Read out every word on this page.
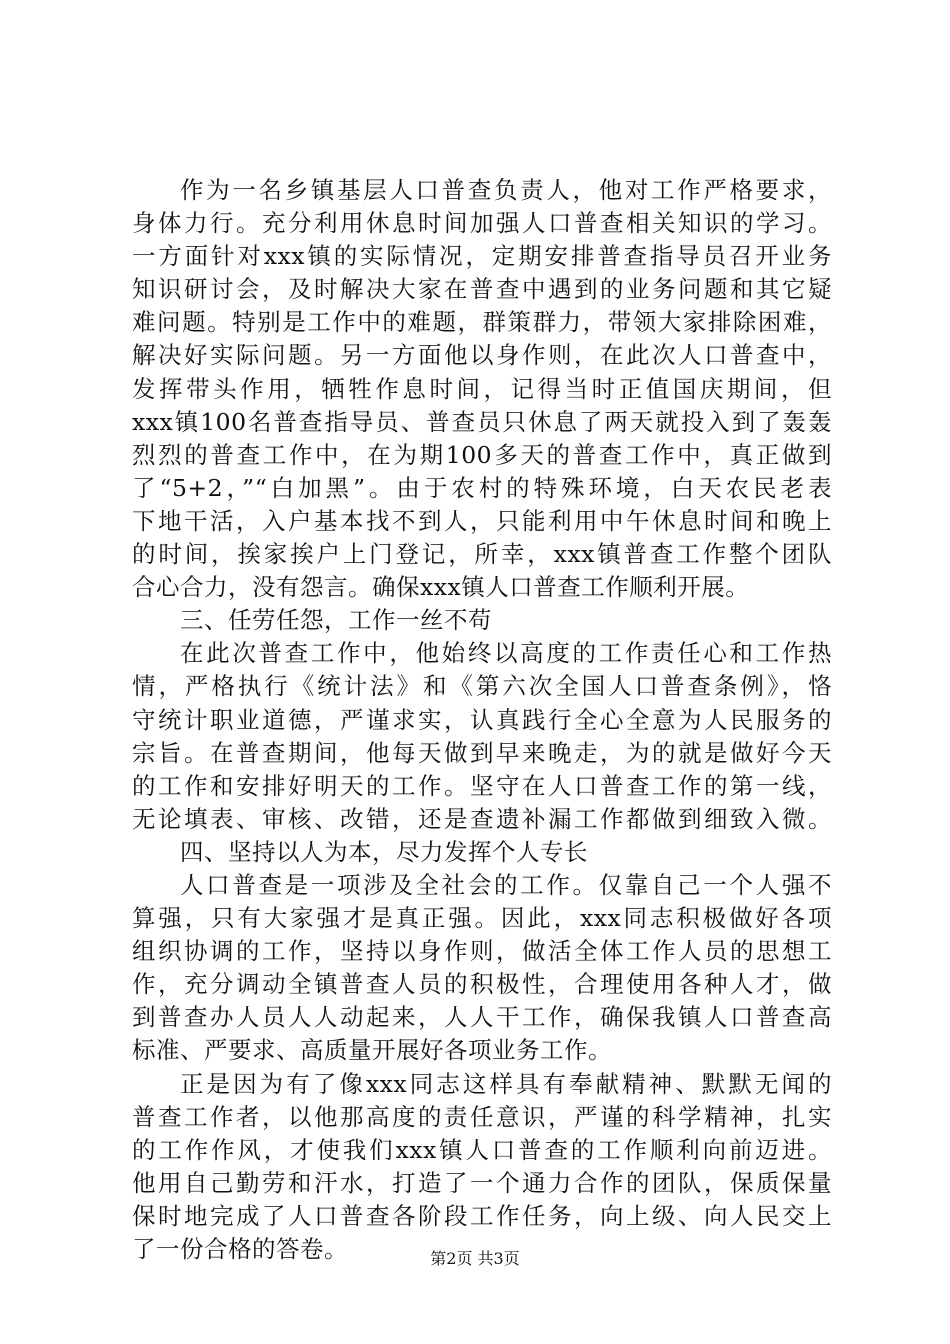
作为一名乡镇基层人口普查负责人，他对工作严格要求，
身体力行。充分利用休息时间加强人口普查相关知识的学习。
一方面针对xxx镇的实际情况，定期安排普查指导员召开业务
知识研讨会，及时解决大家在普查中遇到的业务问题和其它疑
难问题。特别是工作中的难题，群策群力，带领大家排除困难，
解决好实际问题。另一方面他以身作则，在此次人口普查中，
发挥带头作用，牺牲作息时间，记得当时正值国庆期间，但
xxx镇100名普查指导员、普查员只休息了两天就投入到了轰轰
烈烈的普查工作中，在为期100多天的普查工作中，真正做到
了“5+2，”“白加黑”。由于农村的特殊环境，白天农民老表
下地干活，入户基本找不到人，只能利用中午休息时间和晚上
的时间，挨家挨户上门登记，所幸，xxx镇普查工作整个团队
合心合力，没有怨言。确保xxx镇人口普查工作顺利开展。
三、任劳任怨，工作一丝不苟
在此次普查工作中，他始终以高度的工作责任心和工作热
情，严格执行《统计法》和《第六次全国人口普查条例》，恪
守统计职业道德，严谨求实，认真践行全心全意为人民服务的
宗旨。在普查期间，他每天做到早来晚走，为的就是做好今天
的工作和安排好明天的工作。坚守在人口普查工作的第一线，
无论填表、审核、改错，还是查遗补漏工作都做到细致入微。
四、坚持以人为本，尽力发挥个人专长
人口普查是一项涉及全社会的工作。仅靠自己一个人强不
算强，只有大家强才是真正强。因此，xxx同志积极做好各项
组织协调的工作，坚持以身作则，做活全体工作人员的思想工
作，充分调动全镇普查人员的积极性，合理使用各种人才，做
到普查办人员人人动起来，人人干工作，确保我镇人口普查高
标准、严要求、高质量开展好各项业务工作。
正是因为有了像xxx同志这样具有奉献精神、默默无闻的
普查工作者，以他那高度的责任意识，严谨的科学精神，扎实
的工作作风，才使我们xxx镇人口普查的工作顺利向前迈进。
他用自己勤劳和汗水，打造了一个通力合作的团队，保质保量
保时地完成了人口普查各阶段工作任务，向上级、向人民交上
了一份合格的答卷。	第2页 共3页
